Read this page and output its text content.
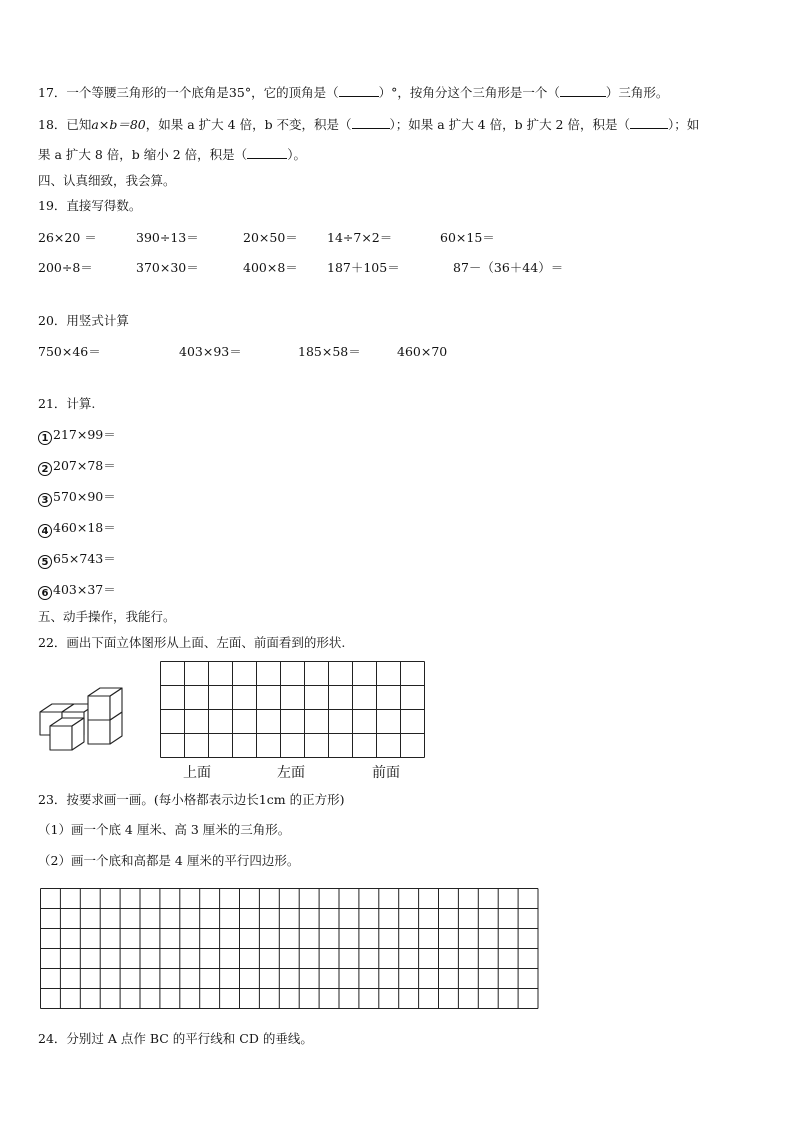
17．一个等腰三角形的一个底角是35°，它的顶角是（	）°，按角分这个三角形是一个（	）三角形。
18．已知a×b＝80，如果 a 扩大 4 倍，b 不变，积是（	）；如果 a 扩大 4 倍，b 扩大 2 倍，积是（	）；如
果 a 扩大 8 倍，b 缩小 2 倍，积是（	）。
四、认真细致，我会算。
19．直接写得数。
26×20 ＝	390÷13＝	20×50＝ 14÷7×2＝	60×15＝
200÷8＝	370×30＝	400×8＝ 187＋105＝	87－（36＋44）＝
20．用竖式计算
750×46＝	403×93＝	185×58＝	460×70
21．计算.
1 217×99＝
2 207×78＝
3 570×90＝
4 460×18＝
5 65×743＝
6 403×37＝
五、动手操作，我能行。
22．画出下面立体图形从上面、左面、前面看到的形状.
上面	左面	前面
23．按要求画一画。(每小格都表示边长1cm 的正方形)
（1）画一个底 4 厘米、高 3 厘米的三角形。
（2）画一个底和高都是 4 厘米的平行四边形。
24．分别过 A 点作 BC 的平行线和 CD 的垂线。
